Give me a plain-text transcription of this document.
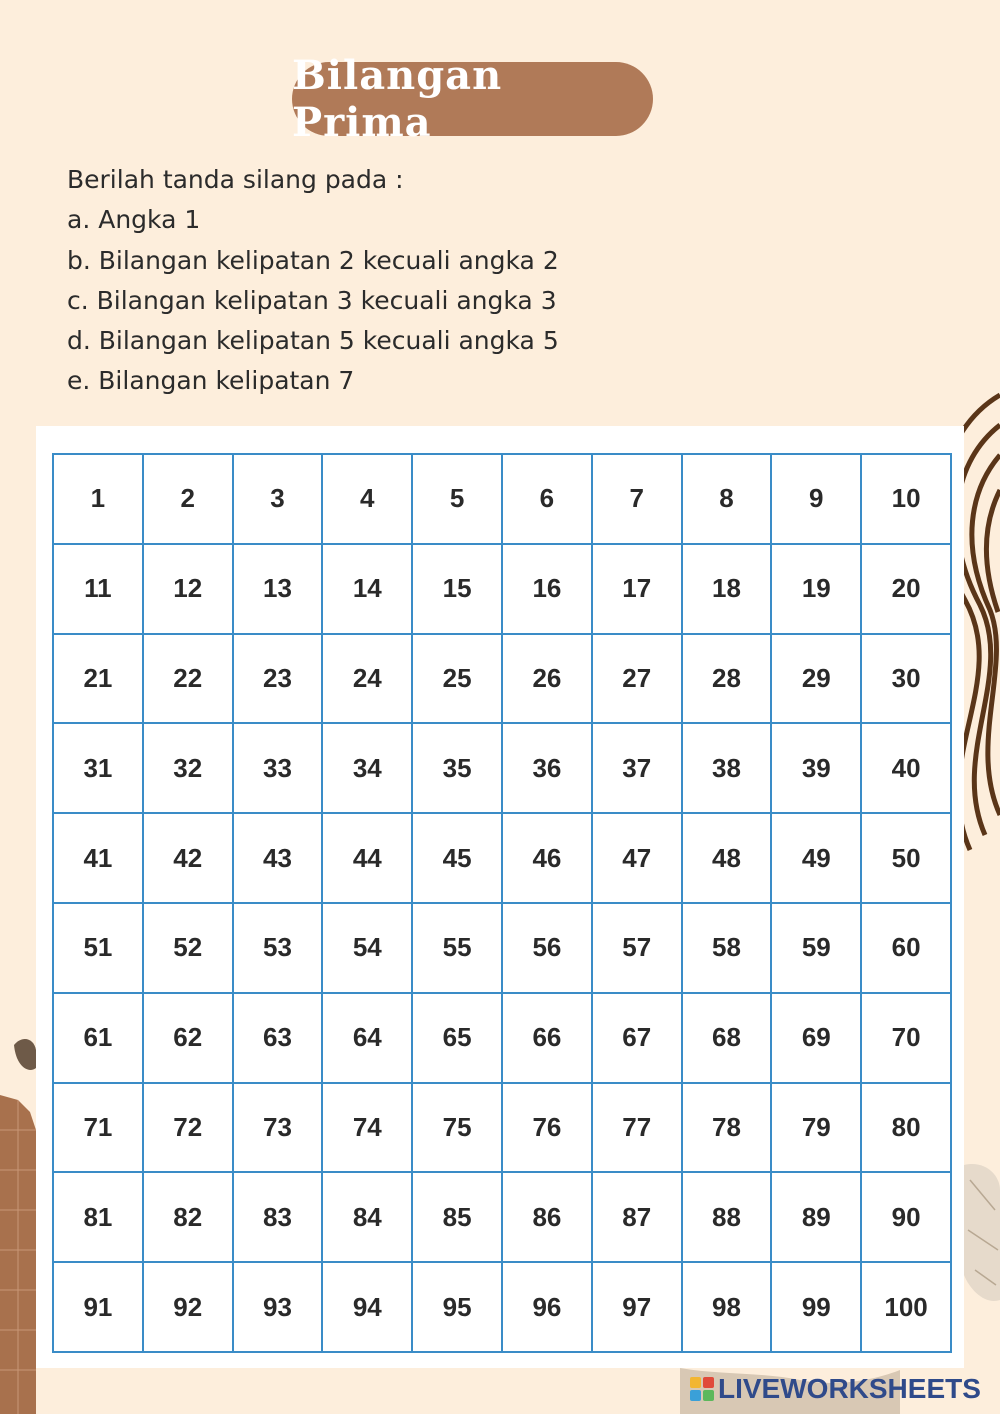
Bilangan Prima
Berilah tanda silang pada :
a. Angka 1
b. Bilangan kelipatan 2 kecuali angka 2
c. Bilangan kelipatan 3 kecuali angka 3
d. Bilangan kelipatan 5 kecuali angka 5
e. Bilangan kelipatan 7
1	2	3	4	5	6	7	8	9	10
11	12	13	14	15	16	17	18	19	20
21	22	23	24	25	26	27	28	29	30
31	32	33	34	35	36	37	38	39	40
41	42	43	44	45	46	47	48	49	50
51	52	53	54	55	56	57	58	59	60
61	62	63	64	65	66	67	68	69	70
71	72	73	74	75	76	77	78	79	80
81	82	83	84	85	86	87	88	89	90
91	92	93	94	95	96	97	98	99	100
LIVEWORKSHEETS
